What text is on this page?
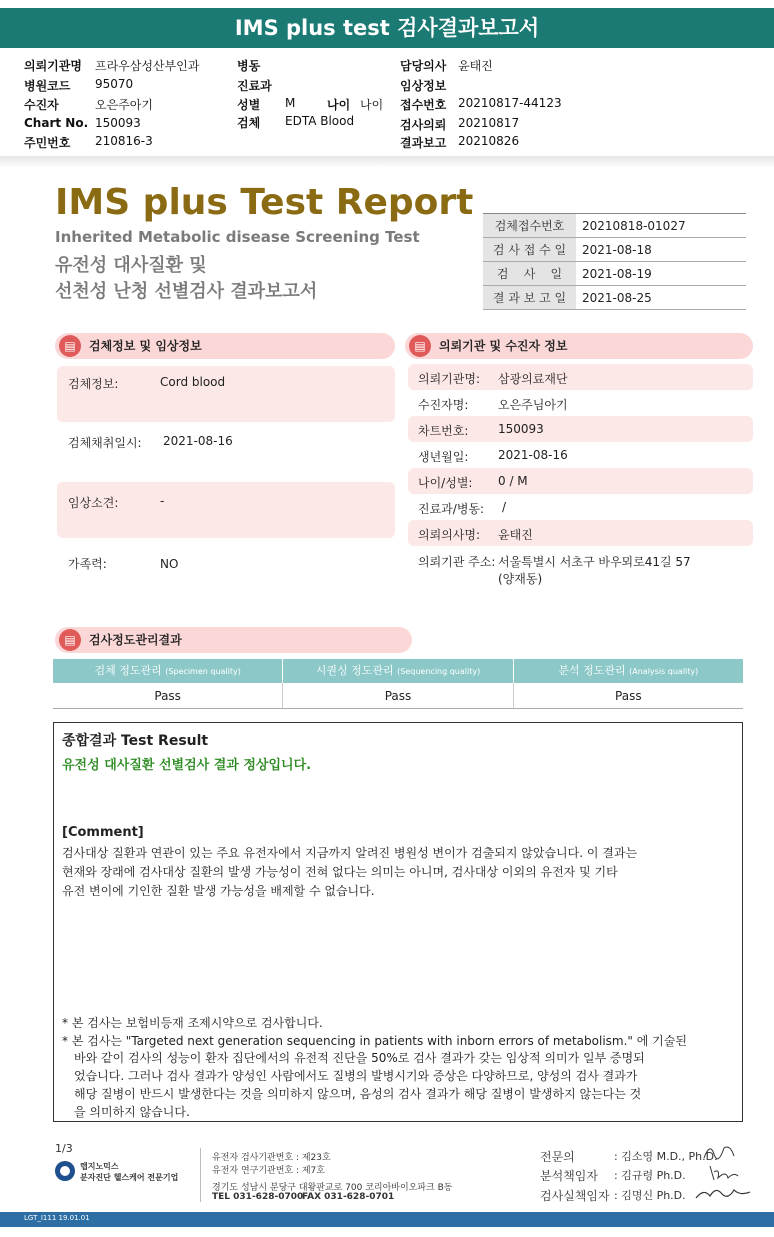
IMS plus test 검사결과보고서
의뢰기관명 프라우삼성산부인과
병원코드 95070
수진자	오은주아기
Chart No. 150093
주민번호 210816-3
병동
진료과
성별 M	나이 나이
검체 EDTA Blood
담당의사 윤태진
임상정보
접수번호 20210817-44123
검사의뢰 20210817
결과보고 20210826
IMS plus Test Report
Inherited Metabolic disease Screening Test
유전성 대사질환 및
선천성 난청 선별검사 결과보고서
검체접수번호	20210818-01027
검 사 접 수 일	2021-08-18
검    사    일	2021-08-19
결 과 보 고 일	2021-08-25
▤	검체정보 및 임상정보
검체정보:	Cord blood
검체채취일시: 2021-08-16
임상소견:	-
가족력:	NO
▤	의뢰기관 및 수진자 정보
의뢰기관명: 삼광의료재단
수진자명: 오은주님아기
차트번호: 150093
생년월일: 2021-08-16
나이/성별: 0 / M
진료과/병동: /
의뢰의사명: 윤태진
의뢰기관 주소: 서울특별시 서초구 바우뫼로41길 57
(양재동)
▤	검사정도관리결과
검체 정도관리 (Specimen quality)	시퀀싱 정도관리 (Sequencing quality)	분석 정도관리 (Analysis quality)
Pass	Pass	Pass
종합결과 Test Result
유전성 대사질환 선별검사 결과 정상입니다.
[Comment]
검사대상 질환과 연관이 있는 주요 유전자에서 지금까지 알려진 병원성 변이가 검출되지 않았습니다. 이 결과는
현재와 장래에 검사대상 질환의 발생 가능성이 전혀 없다는 의미는 아니며, 검사대상 이외의 유전자 및 기타
유전 변이에 기인한 질환 발생 가능성을 배제할 수 없습니다.
* 본 검사는 보험비등재 조제시약으로 검사합니다.
* 본 검사는 "Targeted next generation sequencing in patients with inborn errors of metabolism." 에 기술된
바와 같이 검사의 성능이 환자 집단에서의 유전적 진단을 50%로 검사 결과가 갖는 임상적 의미가 일부 증명되
었습니다. 그러나 검사 결과가 양성인 사람에서도 질병의 발병시기와 증상은 다양하므로, 양성의 검사 결과가
해당 질병이 반드시 발생한다는 것을 의미하지 않으며, 음성의 검사 결과가 해당 질병이 발생하지 않는다는 것
을 의미하지 않습니다.
1/3
랩지노믹스
분자진단 헬스케어 전문기업
유전자 검사기관번호 : 제23호
유전자 연구기관번호 : 제7호
경기도 성남시 분당구 대왕판교로 700 코리아바이오파크 B동
TEL 031-628-0700
FAX 031-628-0701
전문의	: 김소영 M.D., Ph.D.
분석책임자 : 김규령 Ph.D.
검사실책임자 : 김명신 Ph.D.
LGT_I111 19.01.01
